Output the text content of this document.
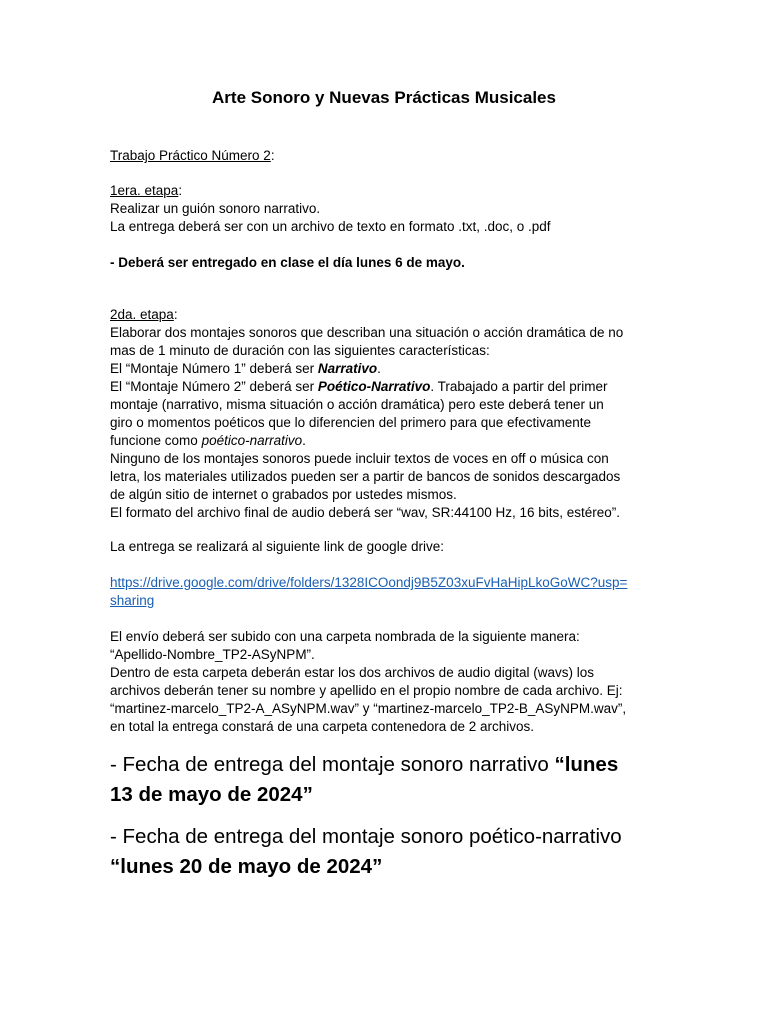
Arte Sonoro y Nuevas Prácticas Musicales

Trabajo Práctico Número 2:

1era. etapa:

Realizar un guión sonoro narrativo.

La entrega deberá ser con un archivo de texto en formato .txt, .doc, o .pdf

- Deberá ser entregado en clase el día lunes 6 de mayo.

2da. etapa:

Elaborar dos montajes sonoros que describan una situación o acción dramática de no

mas de 1 minuto de duración con las siguientes características:

El “Montaje Número 1” deberá ser Narrativo.

El “Montaje Número 2” deberá ser Poético-Narrativo. Trabajado a partir del primer

montaje (narrativo, misma situación o acción dramática) pero este deberá tener un

giro o momentos poéticos que lo diferencien del primero para que efectivamente

funcione como poético-narrativo.

Ninguno de los montajes sonoros puede incluir textos de voces en off o música con

letra, los materiales utilizados pueden ser a partir de bancos de sonidos descargados

de algún sitio de internet o grabados por ustedes mismos.

El formato del archivo final de audio deberá ser “wav, SR:44100 Hz, 16 bits, estéreo”.

La entrega se realizará al siguiente link de google drive:

https://drive.google.com/drive/folders/1328ICOondj9B5Z03xuFvHaHipLkoGoWC?usp=

sharing

El envío deberá ser subido con una carpeta nombrada de la siguiente manera:

“Apellido-Nombre_TP2-ASyNPM”.

Dentro de esta carpeta deberán estar los dos archivos de audio digital (wavs) los

archivos deberán tener su nombre y apellido en el propio nombre de cada archivo. Ej:

“martinez-marcelo_TP2-A_ASyNPM.wav” y “martinez-marcelo_TP2-B_ASyNPM.wav”,

en total la entrega constará de una carpeta contenedora de 2 archivos.

- Fecha de entrega del montaje sonoro narrativo “lunes

13 de mayo de 2024”

- Fecha de entrega del montaje sonoro poético-narrativo

“lunes 20 de mayo de 2024”
